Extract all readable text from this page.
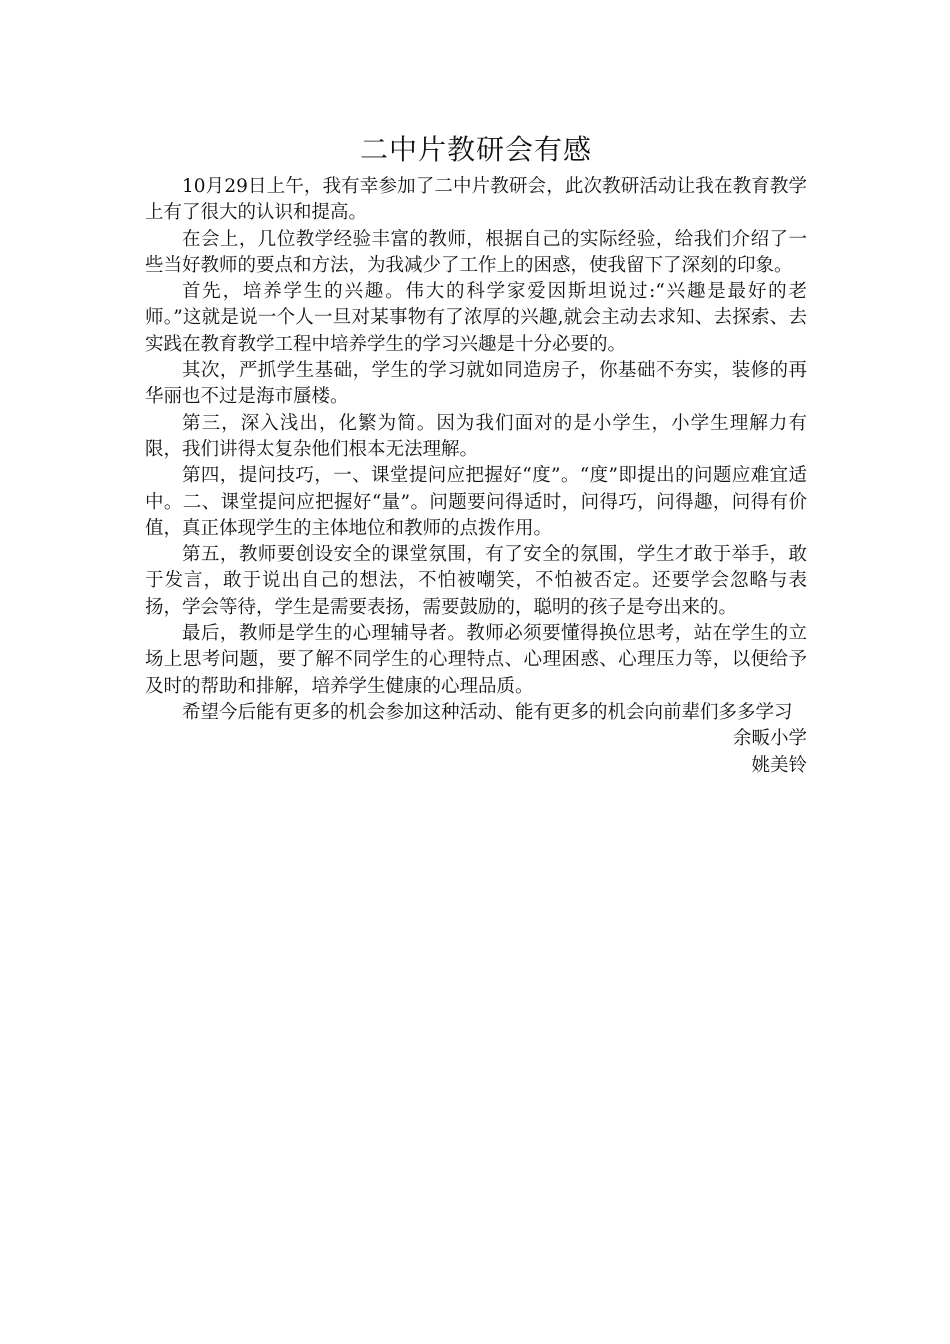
二中片教研会有感

10月29日上午，我有幸参加了二中片教研会，此次教研活动让我在教育教学上有了很大的认识和提高。

在会上，几位教学经验丰富的教师，根据自己的实际经验，给我们介绍了一些当好教师的要点和方法，为我减少了工作上的困惑，使我留下了深刻的印象。

首先，培养学生的兴趣。伟大的科学家爱因斯坦说过:“兴趣是最好的老师。”这就是说一个人一旦对某事物有了浓厚的兴趣,就会主动去求知、去探索、去实践在教育教学工程中培养学生的学习兴趣是十分必要的。

其次，严抓学生基础，学生的学习就如同造房子，你基础不夯实，装修的再华丽也不过是海市蜃楼。

第三，深入浅出，化繁为简。因为我们面对的是小学生，小学生理解力有限，我们讲得太复杂他们根本无法理解。

第四，提问技巧，一、课堂提问应把握好“度”。“度”即提出的问题应难宜适中。二、课堂提问应把握好“量”。问题要问得适时，问得巧，问得趣，问得有价值，真正体现学生的主体地位和教师的点拨作用。

第五，教师要创设安全的课堂氛围，有了安全的氛围，学生才敢于举手，敢于发言，敢于说出自己的想法，不怕被嘲笑，不怕被否定。还要学会忽略与表扬，学会等待，学生是需要表扬，需要鼓励的，聪明的孩子是夸出来的。

最后，教师是学生的心理辅导者。教师必须要懂得换位思考，站在学生的立场上思考问题，要了解不同学生的心理特点、心理困惑、心理压力等，以便给予及时的帮助和排解，培养学生健康的心理品质。

希望今后能有更多的机会参加这种活动、能有更多的机会向前辈们多多学习

余畈小学

姚美铃
